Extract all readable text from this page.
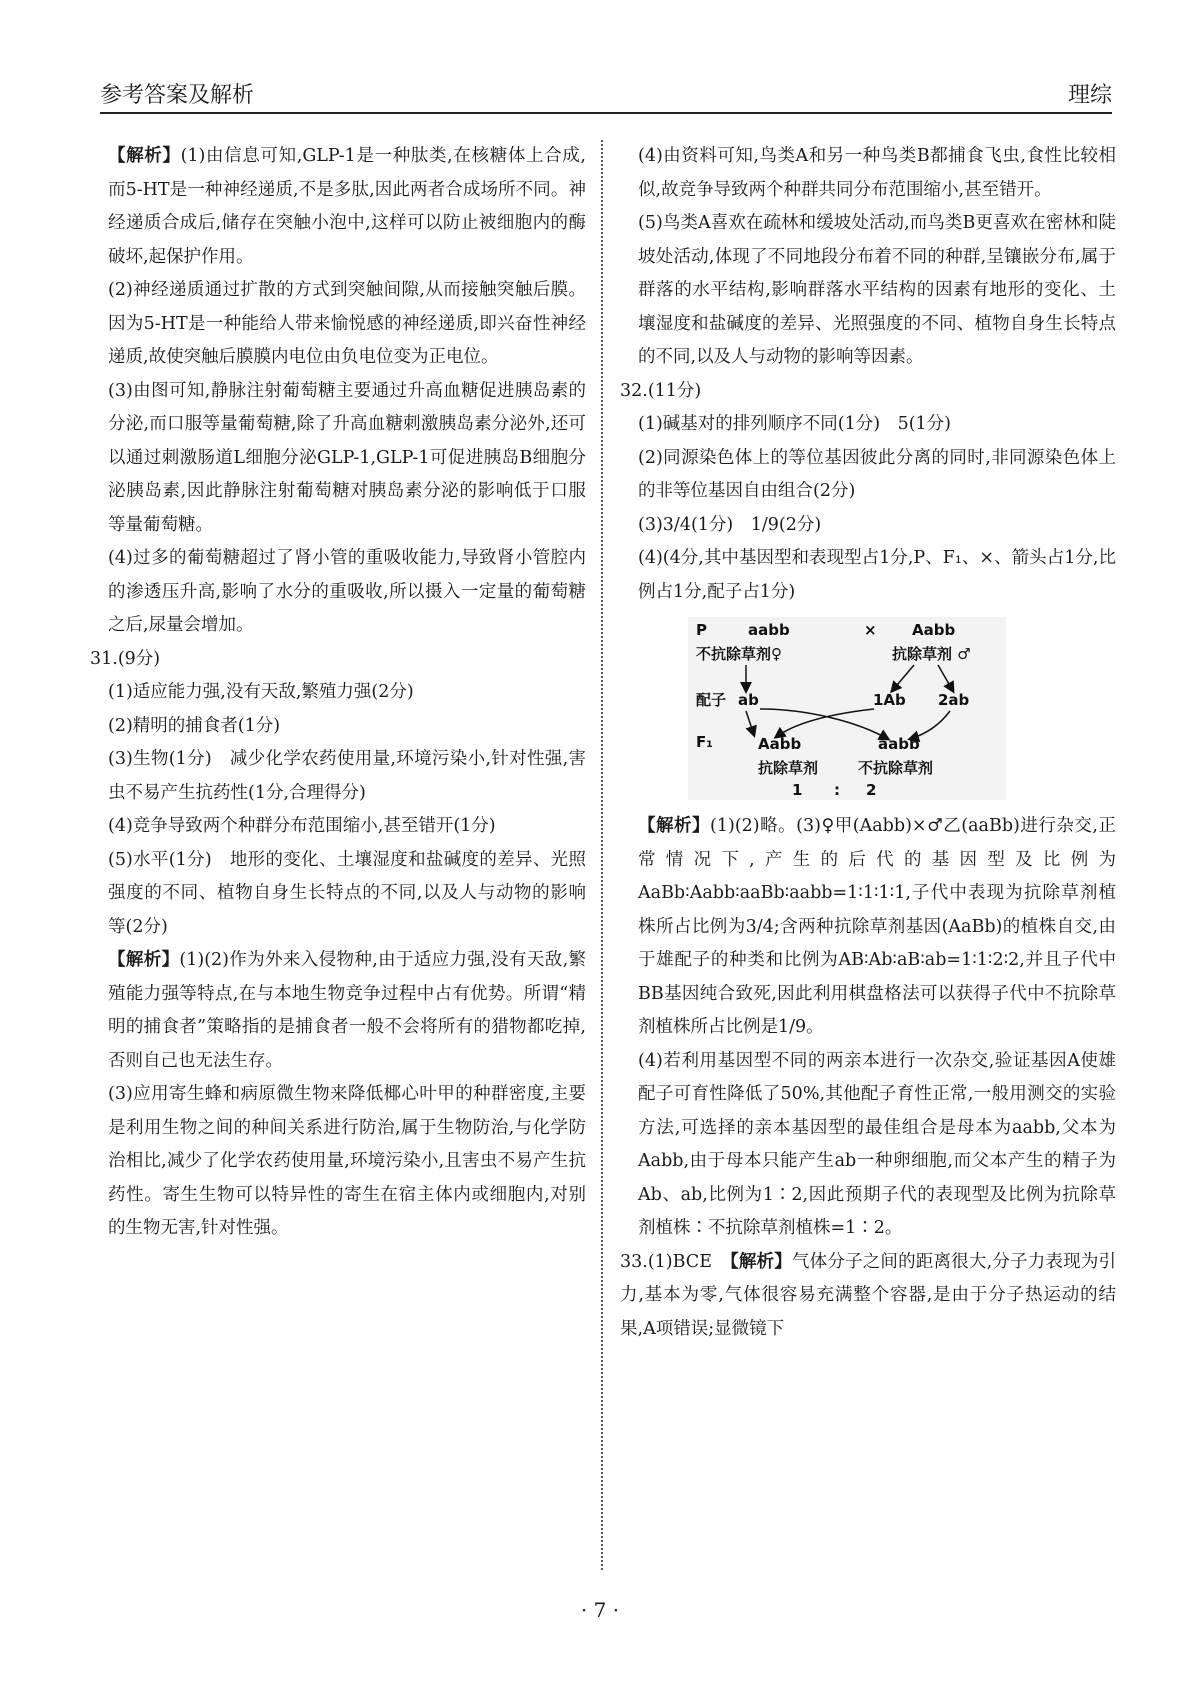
参考答案及解析	理综

【解析】(1)由信息可知,GLP-1是一种肽类,在核糖体上合成,而5-HT是一种神经递质,不是多肽,因此两者合成场所不同。神经递质合成后,储存在突触小泡中,这样可以防止被细胞内的酶破坏,起保护作用。

(2)神经递质通过扩散的方式到突触间隙,从而接触突触后膜。因为5-HT是一种能给人带来愉悦感的神经递质,即兴奋性神经递质,故使突触后膜膜内电位由负电位变为正电位。

(3)由图可知,静脉注射葡萄糖主要通过升高血糖促进胰岛素的分泌,而口服等量葡萄糖,除了升高血糖刺激胰岛素分泌外,还可以通过刺激肠道L细胞分泌GLP-1,GLP-1可促进胰岛B细胞分泌胰岛素,因此静脉注射葡萄糖对胰岛素分泌的影响低于口服等量葡萄糖。

(4)过多的葡萄糖超过了肾小管的重吸收能力,导致肾小管腔内的渗透压升高,影响了水分的重吸收,所以摄入一定量的葡萄糖之后,尿量会增加。

31.(9分)

(1)适应能力强,没有天敌,繁殖力强(2分)

(2)精明的捕食者(1分)

(3)生物(1分)　减少化学农药使用量,环境污染小,针对性强,害虫不易产生抗药性(1分,合理得分)

(4)竞争导致两个种群分布范围缩小,甚至错开(1分)

(5)水平(1分)　地形的变化、土壤湿度和盐碱度的差异、光照强度的不同、植物自身生长特点的不同,以及人与动物的影响等(2分)

【解析】(1)(2)作为外来入侵物种,由于适应力强,没有天敌,繁殖能力强等特点,在与本地生物竞争过程中占有优势。所谓“精明的捕食者”策略指的是捕食者一般不会将所有的猎物都吃掉,否则自己也无法生存。

(3)应用寄生蜂和病原微生物来降低椰心叶甲的种群密度,主要是利用生物之间的种间关系进行防治,属于生物防治,与化学防治相比,减少了化学农药使用量,环境污染小,且害虫不易产生抗药性。寄生生物可以特异性的寄生在宿主体内或细胞内,对别的生物无害,针对性强。

(4)由资料可知,鸟类A和另一种鸟类B都捕食飞虫,食性比较相似,故竞争导致两个种群共同分布范围缩小,甚至错开。

(5)鸟类A喜欢在疏林和缓坡处活动,而鸟类B更喜欢在密林和陡坡处活动,体现了不同地段分布着不同的种群,呈镶嵌分布,属于群落的水平结构,影响群落水平结构的因素有地形的变化、土壤湿度和盐碱度的差异、光照强度的不同、植物自身生长特点的不同,以及人与动物的影响等因素。

32.(11分)

(1)碱基对的排列顺序不同(1分)　5(1分)

(2)同源染色体上的等位基因彼此分离的同时,非同源染色体上的非等位基因自由组合(2分)

(3)3/4(1分)　1/9(2分)

(4)(4分,其中基因型和表现型占1分,P、F₁、×、箭头占1分,比例占1分,配子占1分)

P	aabb	× Aabb
不抗除草剂♀	抗除草剂 ♂
配子 ab	1Ab 2ab
F₁	Aabb	aabb
抗除草剂	不抗除草剂
1 : 2

【解析】(1)(2)略。(3)♀甲(Aabb)×♂乙(aaBb)进行杂交,正常情况下,产生的后代的基因型及比例为AaBb∶Aabb∶aaBb∶aabb=1∶1∶1∶1,子代中表现为抗除草剂植株所占比例为3/4;含两种抗除草剂基因(AaBb)的植株自交,由于雄配子的种类和比例为AB∶Ab∶aB∶ab=1∶1∶2∶2,并且子代中BB基因纯合致死,因此利用棋盘格法可以获得子代中不抗除草剂植株所占比例是1/9。

(4)若利用基因型不同的两亲本进行一次杂交,验证基因A使雄配子可育性降低了50%,其他配子育性正常,一般用测交的实验方法,可选择的亲本基因型的最佳组合是母本为aabb,父本为Aabb,由于母本只能产生ab一种卵细胞,而父本产生的精子为Ab、ab,比例为1∶2,因此预期子代的表现型及比例为抗除草剂植株∶不抗除草剂植株=1∶2。

33.(1)BCE　【解析】气体分子之间的距离很大,分子力表现为引力,基本为零,气体很容易充满整个容器,是由于分子热运动的结果,A项错误;显微镜下

· 7 ·
